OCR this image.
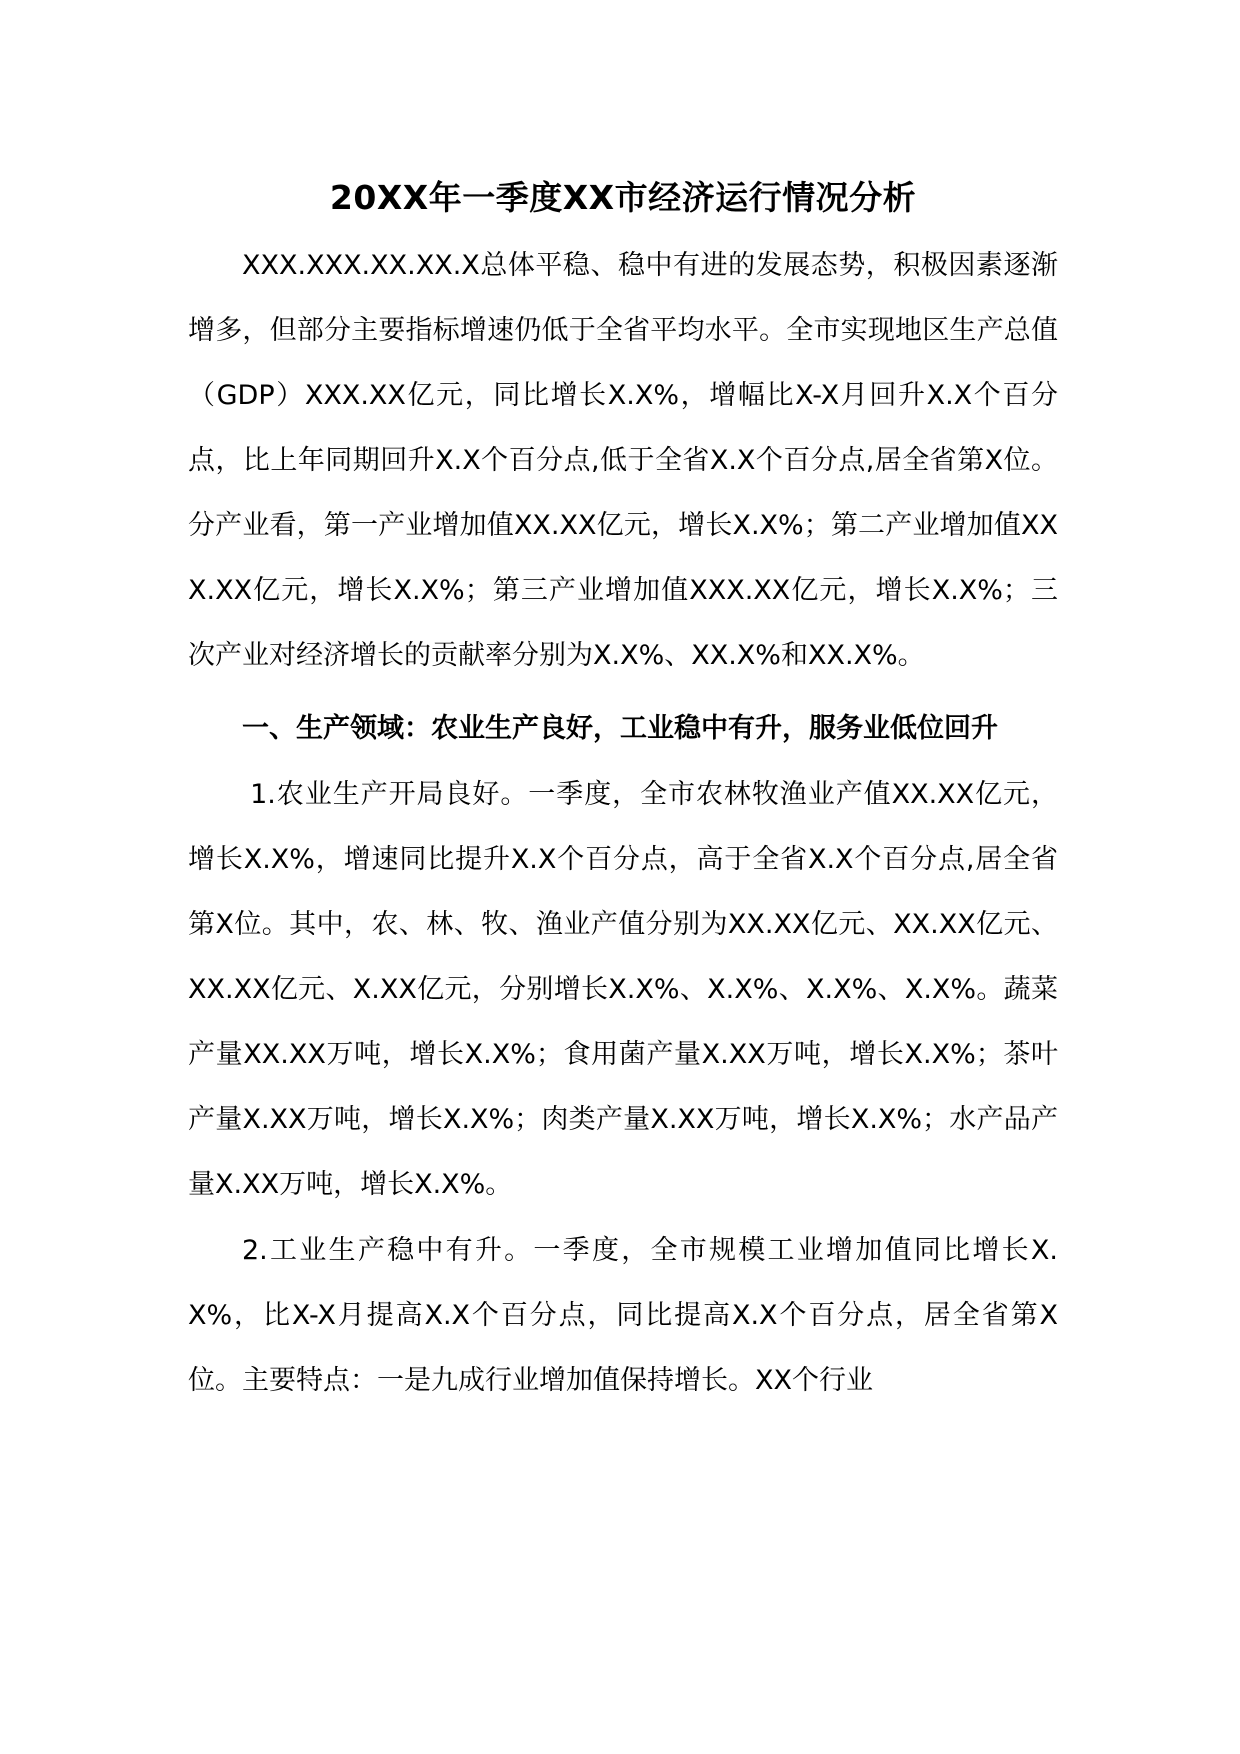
20XX年一季度XX市经济运行情况分析

XXX.XXX.XX.XX.X总体平稳、稳中有进的发展态势，积极因素逐渐增多，但部分主要指标增速仍低于全省平均水平。全市实现地区生产总值（GDP）XXX.XX亿元，同比增长X.X%，增幅比X-X月回升X.X个百分点，比上年同期回升X.X个百分点,低于全省X.X个百分点,居全省第X位。分产业看，第一产业增加值XX.XX亿元，增长X.X%；第二产业增加值XXX.XX亿元，增长X.X%；第三产业增加值XXX.XX亿元，增长X.X%；三次产业对经济增长的贡献率分别为X.X%、XX.X%和XX.X%。

一、生产领域：农业生产良好，工业稳中有升，服务业低位回升

1.农业生产开局良好。一季度，全市农林牧渔业产值XX.XX亿元，增长X.X%，增速同比提升X.X个百分点，高于全省X.X个百分点,居全省第X位。其中，农、林、牧、渔业产值分别为XX.XX亿元、XX.XX亿元、XX.XX亿元、X.XX亿元，分别增长X.X%、X.X%、X.X%、X.X%。蔬菜产量XX.XX万吨，增长X.X%；食用菌产量X.XX万吨，增长X.X%；茶叶产量X.XX万吨，增长X.X%；肉类产量X.XX万吨，增长X.X%；水产品产量X.XX万吨，增长X.X%。

2.工业生产稳中有升。一季度，全市规模工业增加值同比增长X.X%，比X-X月提高X.X个百分点，同比提高X.X个百分点，居全省第X位。主要特点：一是九成行业增加值保持增长。XX个行业
